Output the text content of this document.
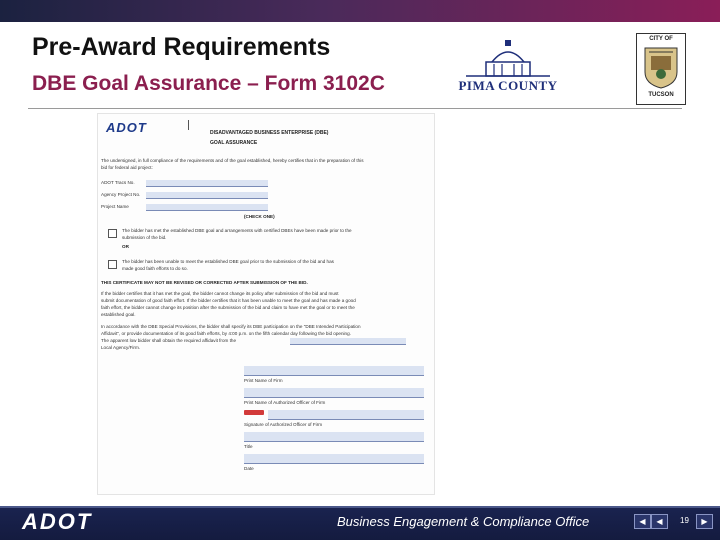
Pre-Award Requirements
DBE Goal Assurance – Form 3102C	PIMA COUNTY
CITY OF
TUCSON
ADOT	DISADVANTAGED BUSINESS ENTERPRISE (DBE)
GOAL ASSURANCE
The undersigned, in full compliance of the requirements and of the goal established, hereby certifies that in the preparation of this
bid for federal aid project:
ADOT Tracs No.
Agency Project No.
Project Name
(CHECK ONE)
The bidder has met the established DBE goal and arrangements with certified DBEs have been made prior to the
submission of the bid.
OR
The bidder has been unable to meet the established DBE goal prior to the submission of the bid and has
made good faith efforts to do so.
THIS CERTIFICATE MAY NOT BE REVISED OR CORRECTED AFTER SUBMISSION OF THE BID.
If the bidder certifies that it has met the goal, the bidder cannot change its policy after submission of the bid and must
submit documentation of good faith effort. If the bidder certifies that it has been unable to meet the goal and has made a good
faith effort, the bidder cannot change its position after the submission of the bid and claim to have met the goal or to meet the
established goal.
In accordance with the DBE Special Provisions, the bidder shall specify its DBE participation on the "DBE Intended Participation
Affidavit", or provide documentation of its good faith efforts, by 4:00 p.m. on the fifth calendar day following the bid opening.
The apparent low bidder shall obtain the required affidavit from the
Local Agency/Firm.
Print Name of Firm
Print Name of Authorized Officer of Firm
Signature of Authorized Officer of Firm
Title
Date
ADOT	Business Engagement & Compliance Office	◀	◀	19	▶
